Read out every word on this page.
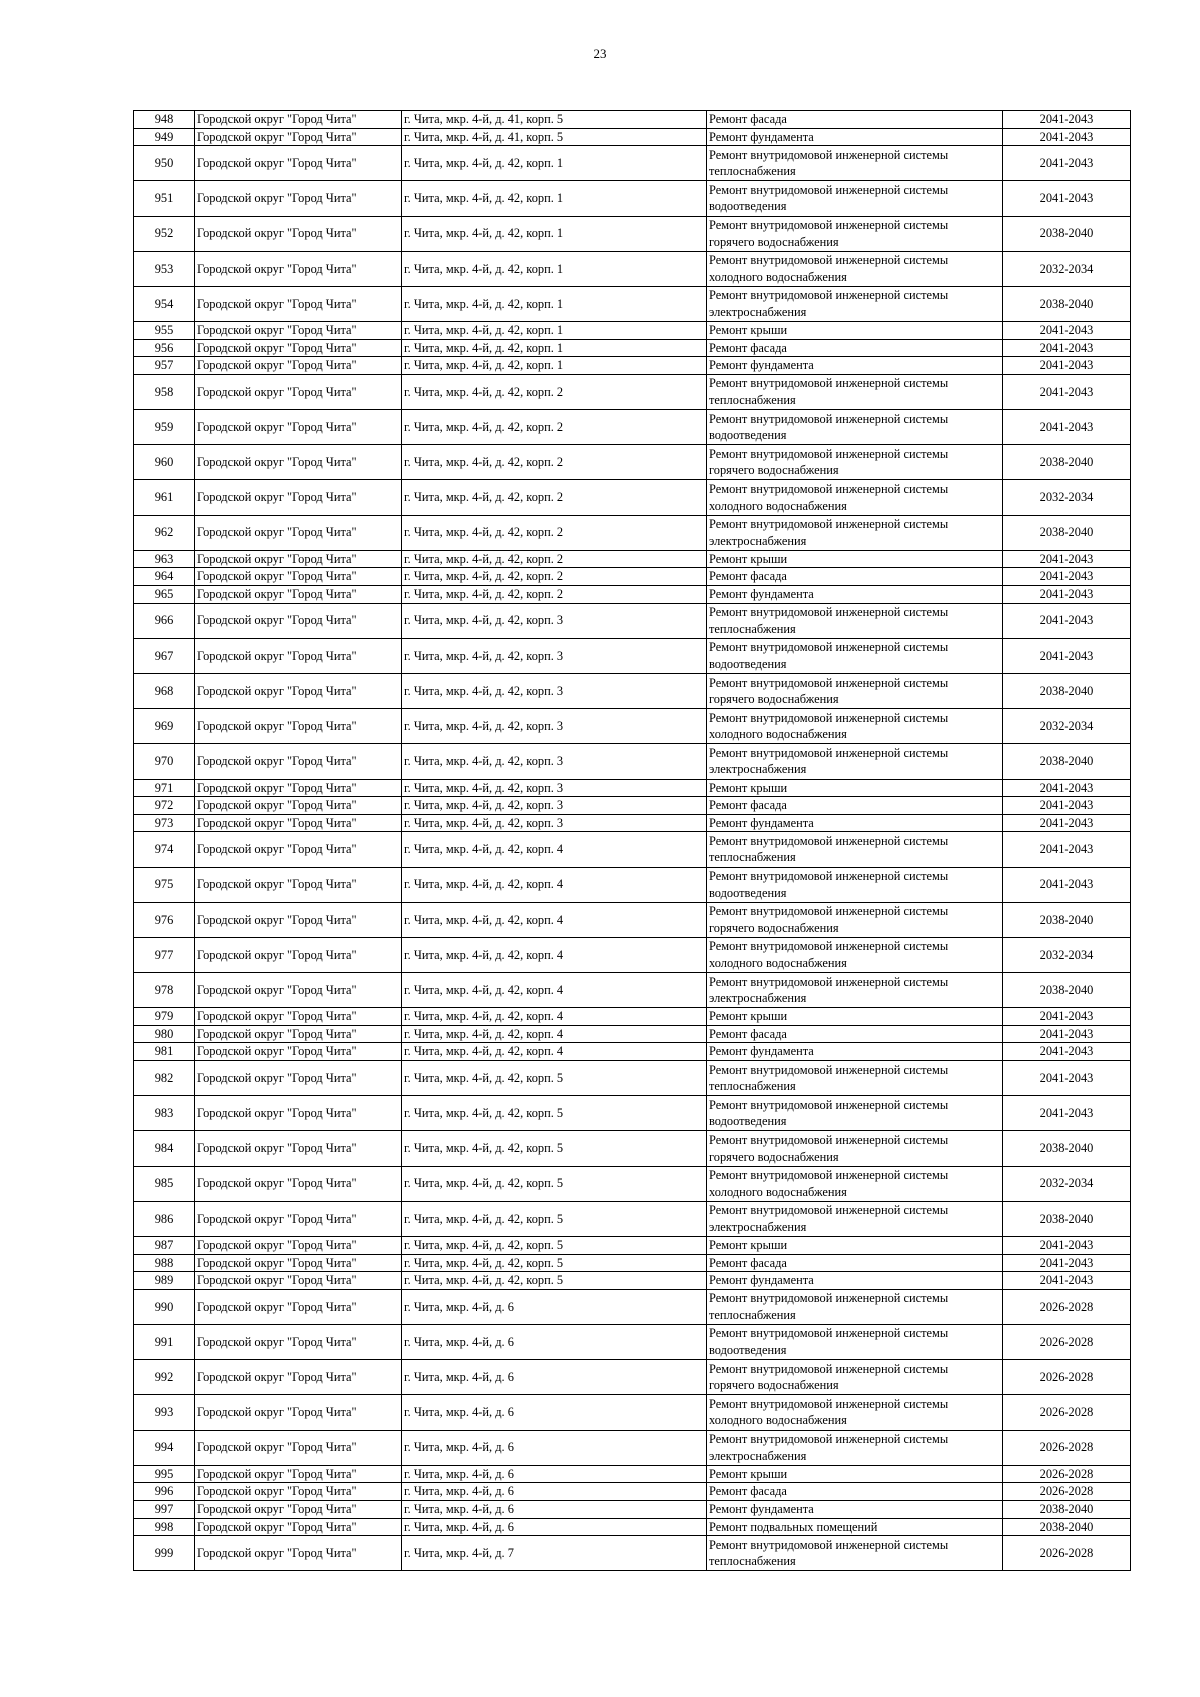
23
948	Городской округ "Город Чита"	г. Чита, мкр. 4-й, д. 41, корп. 5	Ремонт фасада	2041-2043
949	Городской округ "Город Чита"	г. Чита, мкр. 4-й, д. 41, корп. 5	Ремонт фундамента	2041-2043
950	Городской округ "Город Чита"	г. Чита, мкр. 4-й, д. 42, корп. 1	Ремонт внутридомовой инженерной системы
теплоснабжения	2041-2043
951	Городской округ "Город Чита"	г. Чита, мкр. 4-й, д. 42, корп. 1	Ремонт внутридомовой инженерной системы
водоотведения	2041-2043
952	Городской округ "Город Чита"	г. Чита, мкр. 4-й, д. 42, корп. 1	Ремонт внутридомовой инженерной системы
горячего водоснабжения	2038-2040
953	Городской округ "Город Чита"	г. Чита, мкр. 4-й, д. 42, корп. 1	Ремонт внутридомовой инженерной системы
холодного водоснабжения	2032-2034
954	Городской округ "Город Чита"	г. Чита, мкр. 4-й, д. 42, корп. 1	Ремонт внутридомовой инженерной системы
электроснабжения	2038-2040
955	Городской округ "Город Чита"	г. Чита, мкр. 4-й, д. 42, корп. 1	Ремонт крыши	2041-2043
956	Городской округ "Город Чита"	г. Чита, мкр. 4-й, д. 42, корп. 1	Ремонт фасада	2041-2043
957	Городской округ "Город Чита"	г. Чита, мкр. 4-й, д. 42, корп. 1	Ремонт фундамента	2041-2043
958	Городской округ "Город Чита"	г. Чита, мкр. 4-й, д. 42, корп. 2	Ремонт внутридомовой инженерной системы
теплоснабжения	2041-2043
959	Городской округ "Город Чита"	г. Чита, мкр. 4-й, д. 42, корп. 2	Ремонт внутридомовой инженерной системы
водоотведения	2041-2043
960	Городской округ "Город Чита"	г. Чита, мкр. 4-й, д. 42, корп. 2	Ремонт внутридомовой инженерной системы
горячего водоснабжения	2038-2040
961	Городской округ "Город Чита"	г. Чита, мкр. 4-й, д. 42, корп. 2	Ремонт внутридомовой инженерной системы
холодного водоснабжения	2032-2034
962	Городской округ "Город Чита"	г. Чита, мкр. 4-й, д. 42, корп. 2	Ремонт внутридомовой инженерной системы
электроснабжения	2038-2040
963	Городской округ "Город Чита"	г. Чита, мкр. 4-й, д. 42, корп. 2	Ремонт крыши	2041-2043
964	Городской округ "Город Чита"	г. Чита, мкр. 4-й, д. 42, корп. 2	Ремонт фасада	2041-2043
965	Городской округ "Город Чита"	г. Чита, мкр. 4-й, д. 42, корп. 2	Ремонт фундамента	2041-2043
966	Городской округ "Город Чита"	г. Чита, мкр. 4-й, д. 42, корп. 3	Ремонт внутридомовой инженерной системы
теплоснабжения	2041-2043
967	Городской округ "Город Чита"	г. Чита, мкр. 4-й, д. 42, корп. 3	Ремонт внутридомовой инженерной системы
водоотведения	2041-2043
968	Городской округ "Город Чита"	г. Чита, мкр. 4-й, д. 42, корп. 3	Ремонт внутридомовой инженерной системы
горячего водоснабжения	2038-2040
969	Городской округ "Город Чита"	г. Чита, мкр. 4-й, д. 42, корп. 3	Ремонт внутридомовой инженерной системы
холодного водоснабжения	2032-2034
970	Городской округ "Город Чита"	г. Чита, мкр. 4-й, д. 42, корп. 3	Ремонт внутридомовой инженерной системы
электроснабжения	2038-2040
971	Городской округ "Город Чита"	г. Чита, мкр. 4-й, д. 42, корп. 3	Ремонт крыши	2041-2043
972	Городской округ "Город Чита"	г. Чита, мкр. 4-й, д. 42, корп. 3	Ремонт фасада	2041-2043
973	Городской округ "Город Чита"	г. Чита, мкр. 4-й, д. 42, корп. 3	Ремонт фундамента	2041-2043
974	Городской округ "Город Чита"	г. Чита, мкр. 4-й, д. 42, корп. 4	Ремонт внутридомовой инженерной системы
теплоснабжения	2041-2043
975	Городской округ "Город Чита"	г. Чита, мкр. 4-й, д. 42, корп. 4	Ремонт внутридомовой инженерной системы
водоотведения	2041-2043
976	Городской округ "Город Чита"	г. Чита, мкр. 4-й, д. 42, корп. 4	Ремонт внутридомовой инженерной системы
горячего водоснабжения	2038-2040
977	Городской округ "Город Чита"	г. Чита, мкр. 4-й, д. 42, корп. 4	Ремонт внутридомовой инженерной системы
холодного водоснабжения	2032-2034
978	Городской округ "Город Чита"	г. Чита, мкр. 4-й, д. 42, корп. 4	Ремонт внутридомовой инженерной системы
электроснабжения	2038-2040
979	Городской округ "Город Чита"	г. Чита, мкр. 4-й, д. 42, корп. 4	Ремонт крыши	2041-2043
980	Городской округ "Город Чита"	г. Чита, мкр. 4-й, д. 42, корп. 4	Ремонт фасада	2041-2043
981	Городской округ "Город Чита"	г. Чита, мкр. 4-й, д. 42, корп. 4	Ремонт фундамента	2041-2043
982	Городской округ "Город Чита"	г. Чита, мкр. 4-й, д. 42, корп. 5	Ремонт внутридомовой инженерной системы
теплоснабжения	2041-2043
983	Городской округ "Город Чита"	г. Чита, мкр. 4-й, д. 42, корп. 5	Ремонт внутридомовой инженерной системы
водоотведения	2041-2043
984	Городской округ "Город Чита"	г. Чита, мкр. 4-й, д. 42, корп. 5	Ремонт внутридомовой инженерной системы
горячего водоснабжения	2038-2040
985	Городской округ "Город Чита"	г. Чита, мкр. 4-й, д. 42, корп. 5	Ремонт внутридомовой инженерной системы
холодного водоснабжения	2032-2034
986	Городской округ "Город Чита"	г. Чита, мкр. 4-й, д. 42, корп. 5	Ремонт внутридомовой инженерной системы
электроснабжения	2038-2040
987	Городской округ "Город Чита"	г. Чита, мкр. 4-й, д. 42, корп. 5	Ремонт крыши	2041-2043
988	Городской округ "Город Чита"	г. Чита, мкр. 4-й, д. 42, корп. 5	Ремонт фасада	2041-2043
989	Городской округ "Город Чита"	г. Чита, мкр. 4-й, д. 42, корп. 5	Ремонт фундамента	2041-2043
990	Городской округ "Город Чита"	г. Чита, мкр. 4-й, д. 6	Ремонт внутридомовой инженерной системы
теплоснабжения	2026-2028
991	Городской округ "Город Чита"	г. Чита, мкр. 4-й, д. 6	Ремонт внутридомовой инженерной системы
водоотведения	2026-2028
992	Городской округ "Город Чита"	г. Чита, мкр. 4-й, д. 6	Ремонт внутридомовой инженерной системы
горячего водоснабжения	2026-2028
993	Городской округ "Город Чита"	г. Чита, мкр. 4-й, д. 6	Ремонт внутридомовой инженерной системы
холодного водоснабжения	2026-2028
994	Городской округ "Город Чита"	г. Чита, мкр. 4-й, д. 6	Ремонт внутридомовой инженерной системы
электроснабжения	2026-2028
995	Городской округ "Город Чита"	г. Чита, мкр. 4-й, д. 6	Ремонт крыши	2026-2028
996	Городской округ "Город Чита"	г. Чита, мкр. 4-й, д. 6	Ремонт фасада	2026-2028
997	Городской округ "Город Чита"	г. Чита, мкр. 4-й, д. 6	Ремонт фундамента	2038-2040
998	Городской округ "Город Чита"	г. Чита, мкр. 4-й, д. 6	Ремонт подвальных помещений	2038-2040
999	Городской округ "Город Чита"	г. Чита, мкр. 4-й, д. 7	Ремонт внутридомовой инженерной системы
теплоснабжения	2026-2028
